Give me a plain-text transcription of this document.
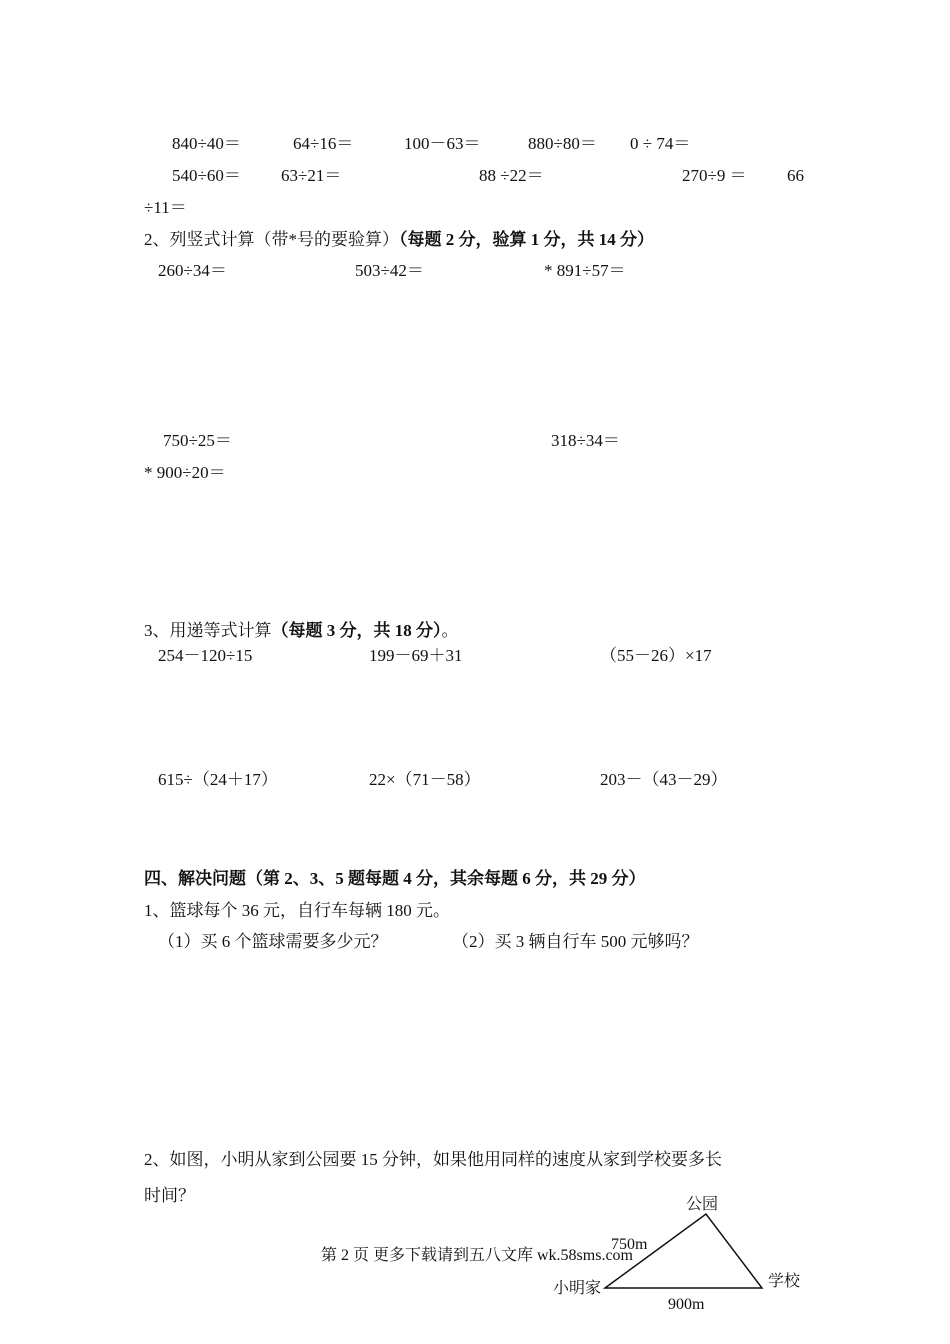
840÷40＝	64÷16＝	100－63＝	880÷80＝ 0 ÷ 74＝
540÷60＝ 63÷21＝	88 ÷22＝	270÷9 ＝ 66
÷11＝
2、列竖式计算（带*号的要验算）（每题 2 分，验算 1 分，共 14 分）
260÷34＝	503÷42＝	* 891÷57＝
750÷25＝	318÷34＝
* 900÷20＝
3、用递等式计算（每题 3 分，共 18 分）。
254－120÷15	199－69＋31	（55－26）×17
615÷（24＋17）	22×（71－58）	203－（43－29）
四、解决问题（第 2、3、5 题每题 4 分，其余每题 6 分，共 29 分）
1、篮球每个 36 元，自行车每辆 180 元。
（1）买 6 个篮球需要多少元？	（2）买 3 辆自行车 500 元够吗？
2、如图，小明从家到公园要 15 分钟，如果他用同样的速度从家到学校要多长
时间？
第 2 页 更多下载请到五八文库 wk.58sms.com
公园
小明家	学校
750m
900m
